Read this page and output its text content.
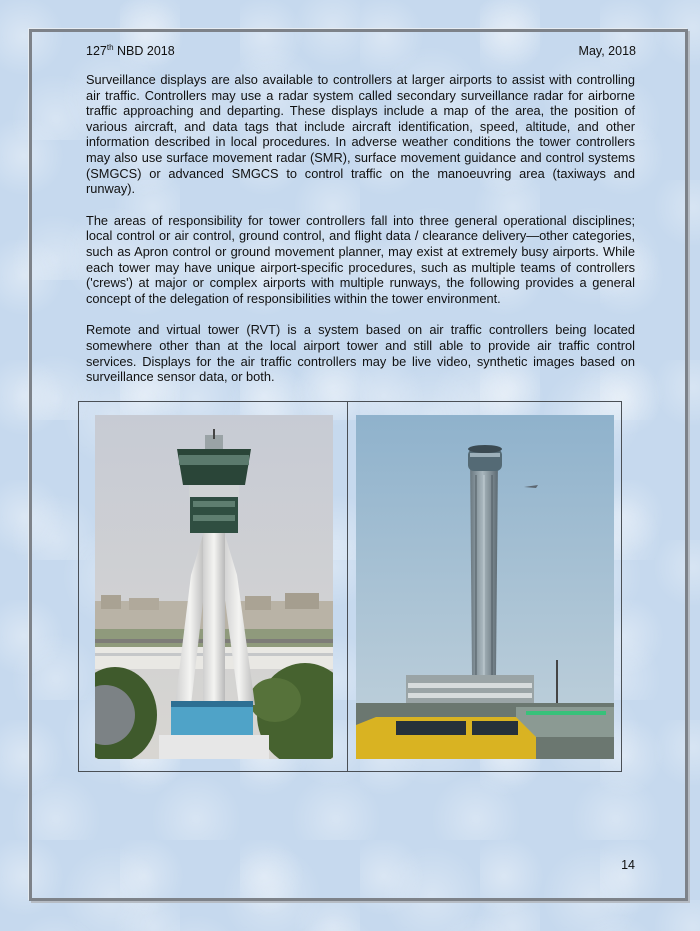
127th NBD 2018	May, 2018

Surveillance displays are also available to controllers at larger airports to assist with controlling air traffic. Controllers may use a radar system called secondary surveillance radar for airborne traffic approaching and departing. These displays include a map of the area, the position of various aircraft, and data tags that include aircraft identification, speed, altitude, and other information described in local procedures. In adverse weather conditions the tower controllers may also use surface movement radar (SMR), surface movement guidance and control systems (SMGCS) or advanced SMGCS to control traffic on the manoeuvring area (taxiways and runway).

The areas of responsibility for tower controllers fall into three general operational disciplines; local control or air control, ground control, and flight data / clearance delivery—other categories, such as Apron control or ground movement planner, may exist at extremely busy airports. While each tower may have unique airport-specific procedures, such as multiple teams of controllers ('crews') at major or complex airports with multiple runways, the following provides a general concept of the delegation of responsibilities within the tower environment.

Remote and virtual tower (RVT) is a system based on air traffic controllers being located somewhere other than at the local airport tower and still able to provide air traffic control services. Displays for the air traffic controllers may be live video, synthetic images based on surveillance sensor data, or both.

14
